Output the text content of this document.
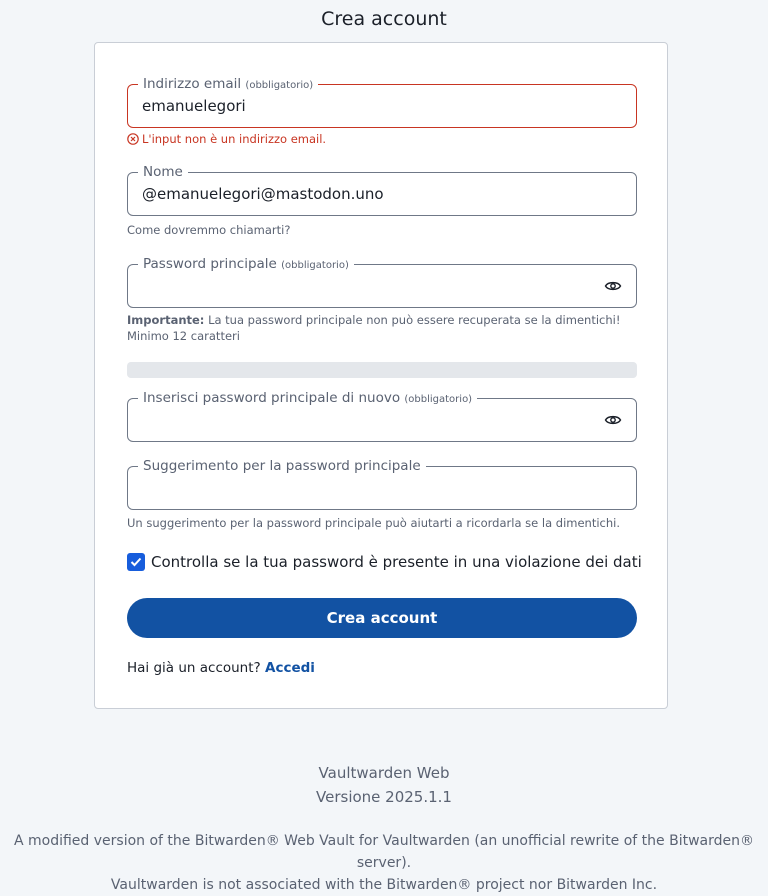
Crea account
Indirizzo email (obbligatorio)
emanuelegori
L'input non è un indirizzo email.
Nome
@emanuelegori@mastodon.uno
Come dovremmo chiamarti?
Password principale (obbligatorio)
Importante: La tua password principale non può essere recuperata se la dimentichi!
Minimo 12 caratteri
Inserisci password principale di nuovo (obbligatorio)
Suggerimento per la password principale
Un suggerimento per la password principale può aiutarti a ricordarla se la dimentichi.
Controlla se la tua password è presente in una violazione dei dati
Crea account
Hai già un account? Accedi
Vaultwarden Web
Versione 2025.1.1
A modified version of the Bitwarden® Web Vault for Vaultwarden (an unofficial rewrite of the Bitwarden® server).
Vaultwarden is not associated with the Bitwarden® project nor Bitwarden Inc.
